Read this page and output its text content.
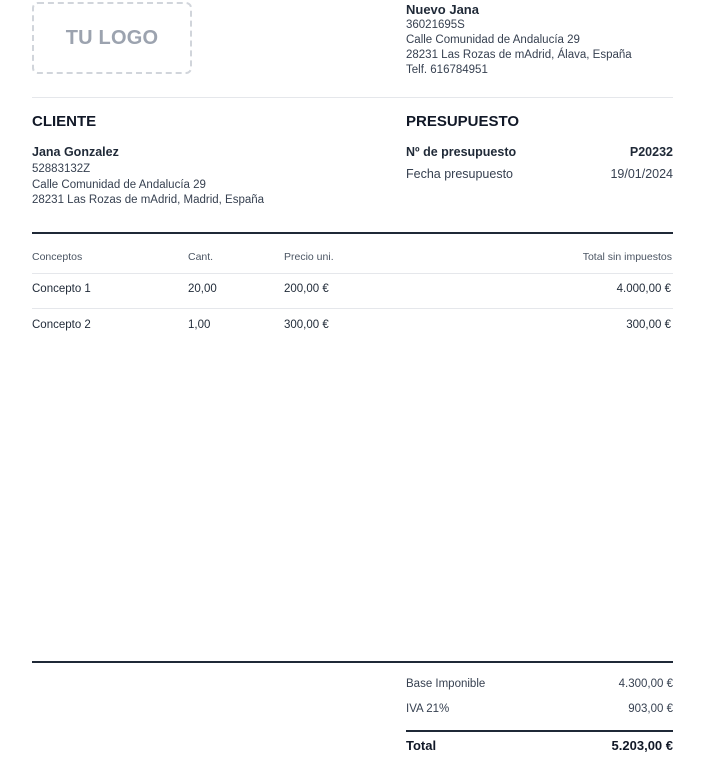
TU LOGO
Nuevo Jana
36021695S
Calle Comunidad de Andalucía 29
28231 Las Rozas de mAdrid, Álava, España
Telf. 616784951
CLIENTE
Jana Gonzalez
52883132Z
Calle Comunidad de Andalucía 29
28231 Las Rozas de mAdrid, Madrid, España
PRESUPUESTO
Nº de presupuesto	P20232
Fecha presupuesto	19/01/2024
Conceptos	Cant.	Precio uni.	Total sin impuestos
Concepto 1	20,00	200,00 €	4.000,00 €
Concepto 2	1,00	300,00 €	300,00 €
Base Imponible	4.300,00 €
IVA 21%	903,00 €
Total	5.203,00 €
